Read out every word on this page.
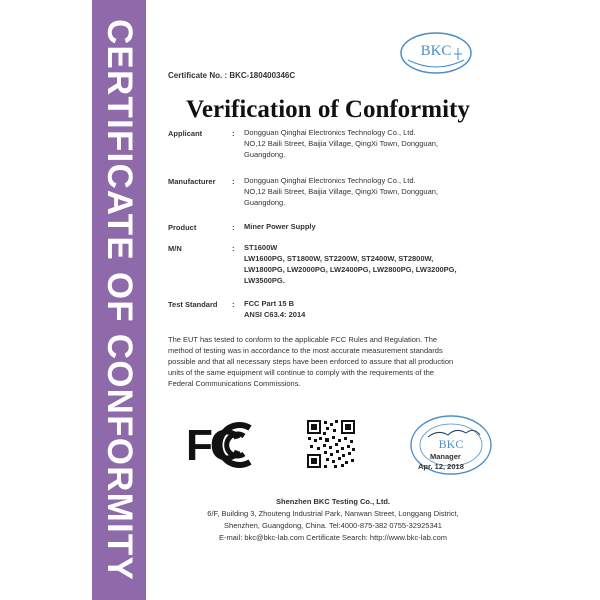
CERTIFICATE OF CONFORMITY	BKC
Certificate No. : BKC-180400346C
Verification of Conformity
Applicant	: Dongguan Qinghai Electronics Technology Co., Ltd.
NO,12 Baili Street, Baijia Village, QingXi Town, Dongguan,
Guangdong.
Manufacturer : Dongguan Qinghai Electronics Technology Co., Ltd.
NO,12 Baili Street, Baijia Village, QingXi Town, Dongguan,
Guangdong.
Product	: Miner Power Supply
M/N	: ST1600W
LW1600PG, ST1800W, ST2200W, ST2400W, ST2800W,
LW1800PG, LW2000PG, LW2400PG, LW2800PG, LW3200PG,
LW3500PG.
Test Standard : FCC Part 15 B
ANSI C63.4: 2014
The EUT has tested to conform to the applicable FCC Rules and Regulation. The
method of testing was in accordance to the most accurate measurement standards
possible and that all necessary steps have been enforced to assure that all production
units of the same equipment will continue to comply with the requirements of the
Federal Communications Commissions.
FC	BKC
Manager
Apr. 12, 2018
Shenzhen BKC Testing Co., Ltd.
6/F, Building 3, Zhouteng Industrial Park, Nanwan Street, Longgang District,
Shenzhen, Guangdong, China. Tel:4000-875-382 0755-32925341
E-mail: bkc@bkc-lab.com Certificate Search: http://www.bkc-lab.com
